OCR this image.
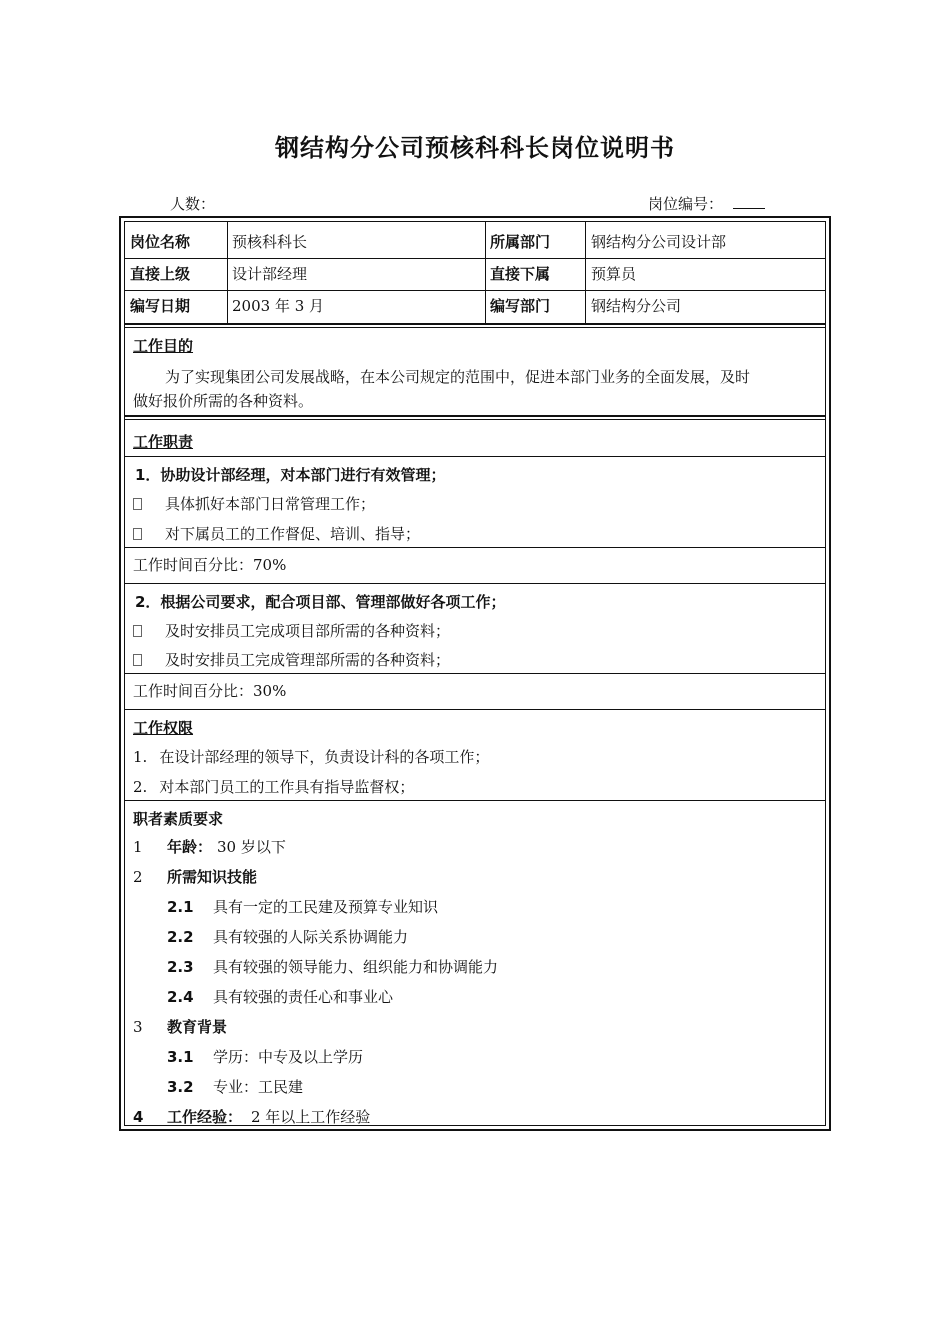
钢结构分公司预核科科长岗位说明书
人数：	岗位编号：
岗位名称	预核科科长	所属部门	钢结构分公司设计部
直接上级	设计部经理	直接下属	预算员
编写日期	2003 年 3 月	编写部门	钢结构分公司
工作目的
为了实现集团公司发展战略，在本公司规定的范围中，促进本部门业务的全面发展，及时
做好报价所需的各种资料。
工作职责
1．协助设计部经理，对本部门进行有效管理；
具体抓好本部门日常管理工作；
对下属员工的工作督促、培训、指导；
工作时间百分比：70%
2．根据公司要求，配合项目部、管理部做好各项工作；
及时安排员工完成项目部所需的各种资料；
及时安排员工完成管理部所需的各种资料；
工作时间百分比：30%
工作权限
1. 在设计部经理的领导下，负责设计科的各项工作；
2. 对本部门员工的工作具有指导监督权；
职者素质要求
1 年龄： 30 岁以下
2 所需知识技能
2.1 具有一定的工民建及预算专业知识
2.2 具有较强的人际关系协调能力
2.3 具有较强的领导能力、组织能力和协调能力
2.4 具有较强的责任心和事业心
3 教育背景
3.1 学历：中专及以上学历
3.2 专业：工民建
4 工作经验： 2 年以上工作经验
